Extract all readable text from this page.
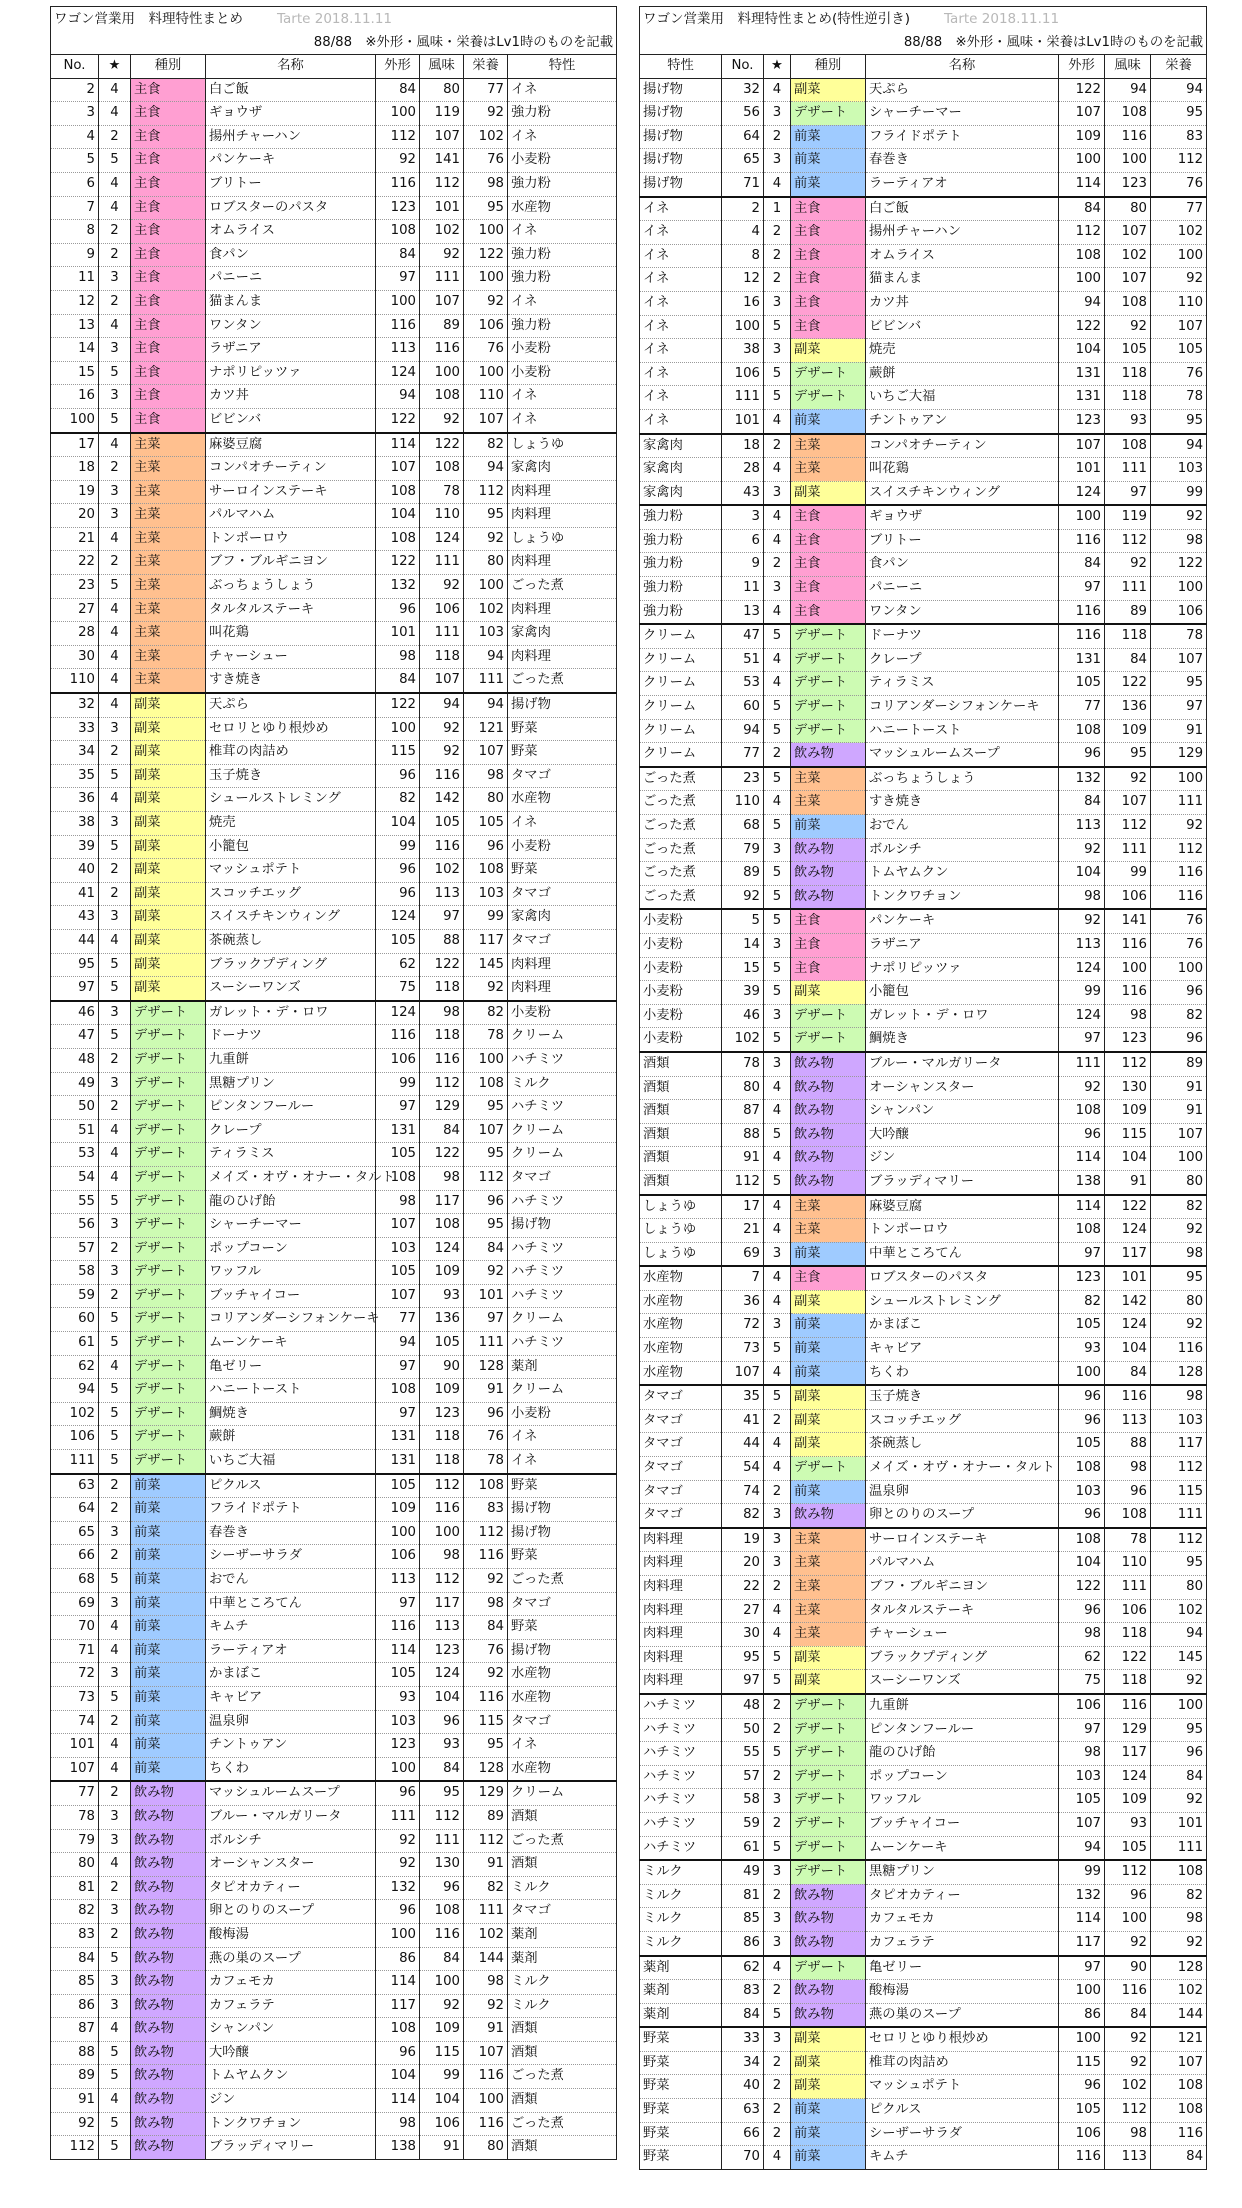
ワゴン営業用　料理特性まとめ Tarte 2018.11.11							
88/88　※外形・風味・栄養はLv1時のものを記載							
No.	★	種別	名称	外形	風味	栄養	特性
2	4	主食	白ご飯	84	80	77	イネ
3	4	主食	ギョウザ	100	119	92	強力粉
4	2	主食	揚州チャーハン	112	107	102	イネ
5	5	主食	パンケーキ	92	141	76	小麦粉
6	4	主食	ブリトー	116	112	98	強力粉
7	4	主食	ロブスターのパスタ	123	101	95	水産物
8	2	主食	オムライス	108	102	100	イネ
9	2	主食	食パン	84	92	122	強力粉
11	3	主食	パニーニ	97	111	100	強力粉
12	2	主食	猫まんま	100	107	92	イネ
13	4	主食	ワンタン	116	89	106	強力粉
14	3	主食	ラザニア	113	116	76	小麦粉
15	5	主食	ナポリピッツァ	124	100	100	小麦粉
16	3	主食	カツ丼	94	108	110	イネ
100	5	主食	ビビンバ	122	92	107	イネ
17	4	主菜	麻婆豆腐	114	122	82	しょうゆ
18	2	主菜	コンパオチーティン	107	108	94	家禽肉
19	3	主菜	サーロインステーキ	108	78	112	肉料理
20	3	主菜	パルマハム	104	110	95	肉料理
21	4	主菜	トンポーロウ	108	124	92	しょうゆ
22	2	主菜	ブフ・ブルギニヨン	122	111	80	肉料理
23	5	主菜	ぶっちょうしょう	132	92	100	ごった煮
27	4	主菜	タルタルステーキ	96	106	102	肉料理
28	4	主菜	叫花鶏	101	111	103	家禽肉
30	4	主菜	チャーシュー	98	118	94	肉料理
110	4	主菜	すき焼き	84	107	111	ごった煮
32	4	副菜	天ぷら	122	94	94	揚げ物
33	3	副菜	セロリとゆり根炒め	100	92	121	野菜
34	2	副菜	椎茸の肉詰め	115	92	107	野菜
35	5	副菜	玉子焼き	96	116	98	タマゴ
36	4	副菜	シュールストレミング	82	142	80	水産物
38	3	副菜	焼売	104	105	105	イネ
39	5	副菜	小籠包	99	116	96	小麦粉
40	2	副菜	マッシュポテト	96	102	108	野菜
41	2	副菜	スコッチエッグ	96	113	103	タマゴ
43	3	副菜	スイスチキンウィング	124	97	99	家禽肉
44	4	副菜	茶碗蒸し	105	88	117	タマゴ
95	5	副菜	ブラックプディング	62	122	145	肉料理
97	5	副菜	スーシーワンズ	75	118	92	肉料理
46	3	デザート	ガレット・デ・ロワ	124	98	82	小麦粉
47	5	デザート	ドーナツ	116	118	78	クリーム
48	2	デザート	九重餅	106	116	100	ハチミツ
49	3	デザート	黒糖プリン	99	112	108	ミルク
50	2	デザート	ピンタンフールー	97	129	95	ハチミツ
51	4	デザート	クレープ	131	84	107	クリーム
53	4	デザート	ティラミス	105	122	95	クリーム
54	4	デザート	メイズ・オヴ・オナー・タルト	108	98	112	タマゴ
55	5	デザート	龍のひげ飴	98	117	96	ハチミツ
56	3	デザート	シャーチーマー	107	108	95	揚げ物
57	2	デザート	ポップコーン	103	124	84	ハチミツ
58	3	デザート	ワッフル	105	109	92	ハチミツ
59	2	デザート	ブッチャイコー	107	93	101	ハチミツ
60	5	デザート	コリアンダーシフォンケーキ	77	136	97	クリーム
61	5	デザート	ムーンケーキ	94	105	111	ハチミツ
62	4	デザート	亀ゼリー	97	90	128	薬剤
94	5	デザート	ハニートースト	108	109	91	クリーム
102	5	デザート	鯛焼き	97	123	96	小麦粉
106	5	デザート	蕨餅	131	118	76	イネ
111	5	デザート	いちご大福	131	118	78	イネ
63	2	前菜	ピクルス	105	112	108	野菜
64	2	前菜	フライドポテト	109	116	83	揚げ物
65	3	前菜	春巻き	100	100	112	揚げ物
66	2	前菜	シーザーサラダ	106	98	116	野菜
68	5	前菜	おでん	113	112	92	ごった煮
69	3	前菜	中華ところてん	97	117	98	タマゴ
70	4	前菜	キムチ	116	113	84	野菜
71	4	前菜	ラーティアオ	114	123	76	揚げ物
72	3	前菜	かまぼこ	105	124	92	水産物
73	5	前菜	キャビア	93	104	116	水産物
74	2	前菜	温泉卵	103	96	115	タマゴ
101	4	前菜	チントゥアン	123	93	95	イネ
107	4	前菜	ちくわ	100	84	128	水産物
77	2	飲み物	マッシュルームスープ	96	95	129	クリーム
78	3	飲み物	ブルー・マルガリータ	111	112	89	酒類
79	3	飲み物	ボルシチ	92	111	112	ごった煮
80	4	飲み物	オーシャンスター	92	130	91	酒類
81	2	飲み物	タピオカティー	132	96	82	ミルク
82	3	飲み物	卵とのりのスープ	96	108	111	タマゴ
83	2	飲み物	酸梅湯	100	116	102	薬剤
84	5	飲み物	燕の巣のスープ	86	84	144	薬剤
85	3	飲み物	カフェモカ	114	100	98	ミルク
86	3	飲み物	カフェラテ	117	92	92	ミルク
87	4	飲み物	シャンパン	108	109	91	酒類
88	5	飲み物	大吟醸	96	115	107	酒類
89	5	飲み物	トムヤムクン	104	99	116	ごった煮
91	4	飲み物	ジン	114	104	100	酒類
92	5	飲み物	トンクワチョン	98	106	116	ごった煮
112	5	飲み物	ブラッディマリー	138	91	80	酒類
ワゴン営業用　料理特性まとめ(特性逆引き) Tarte 2018.11.11							
88/88　※外形・風味・栄養はLv1時のものを記載							
特性	No.	★	種別	名称	外形	風味	栄養
揚げ物	32	4	副菜	天ぷら	122	94	94
揚げ物	56	3	デザート	シャーチーマー	107	108	95
揚げ物	64	2	前菜	フライドポテト	109	116	83
揚げ物	65	3	前菜	春巻き	100	100	112
揚げ物	71	4	前菜	ラーティアオ	114	123	76
イネ	2	1	主食	白ご飯	84	80	77
イネ	4	2	主食	揚州チャーハン	112	107	102
イネ	8	2	主食	オムライス	108	102	100
イネ	12	2	主食	猫まんま	100	107	92
イネ	16	3	主食	カツ丼	94	108	110
イネ	100	5	主食	ビビンバ	122	92	107
イネ	38	3	副菜	焼売	104	105	105
イネ	106	5	デザート	蕨餅	131	118	76
イネ	111	5	デザート	いちご大福	131	118	78
イネ	101	4	前菜	チントゥアン	123	93	95
家禽肉	18	2	主菜	コンパオチーティン	107	108	94
家禽肉	28	4	主菜	叫花鶏	101	111	103
家禽肉	43	3	副菜	スイスチキンウィング	124	97	99
強力粉	3	4	主食	ギョウザ	100	119	92
強力粉	6	4	主食	ブリトー	116	112	98
強力粉	9	2	主食	食パン	84	92	122
強力粉	11	3	主食	パニーニ	97	111	100
強力粉	13	4	主食	ワンタン	116	89	106
クリーム	47	5	デザート	ドーナツ	116	118	78
クリーム	51	4	デザート	クレープ	131	84	107
クリーム	53	4	デザート	ティラミス	105	122	95
クリーム	60	5	デザート	コリアンダーシフォンケーキ	77	136	97
クリーム	94	5	デザート	ハニートースト	108	109	91
クリーム	77	2	飲み物	マッシュルームスープ	96	95	129
ごった煮	23	5	主菜	ぶっちょうしょう	132	92	100
ごった煮	110	4	主菜	すき焼き	84	107	111
ごった煮	68	5	前菜	おでん	113	112	92
ごった煮	79	3	飲み物	ボルシチ	92	111	112
ごった煮	89	5	飲み物	トムヤムクン	104	99	116
ごった煮	92	5	飲み物	トンクワチョン	98	106	116
小麦粉	5	5	主食	パンケーキ	92	141	76
小麦粉	14	3	主食	ラザニア	113	116	76
小麦粉	15	5	主食	ナポリピッツァ	124	100	100
小麦粉	39	5	副菜	小籠包	99	116	96
小麦粉	46	3	デザート	ガレット・デ・ロワ	124	98	82
小麦粉	102	5	デザート	鯛焼き	97	123	96
酒類	78	3	飲み物	ブルー・マルガリータ	111	112	89
酒類	80	4	飲み物	オーシャンスター	92	130	91
酒類	87	4	飲み物	シャンパン	108	109	91
酒類	88	5	飲み物	大吟醸	96	115	107
酒類	91	4	飲み物	ジン	114	104	100
酒類	112	5	飲み物	ブラッディマリー	138	91	80
しょうゆ	17	4	主菜	麻婆豆腐	114	122	82
しょうゆ	21	4	主菜	トンポーロウ	108	124	92
しょうゆ	69	3	前菜	中華ところてん	97	117	98
水産物	7	4	主食	ロブスターのパスタ	123	101	95
水産物	36	4	副菜	シュールストレミング	82	142	80
水産物	72	3	前菜	かまぼこ	105	124	92
水産物	73	5	前菜	キャビア	93	104	116
水産物	107	4	前菜	ちくわ	100	84	128
タマゴ	35	5	副菜	玉子焼き	96	116	98
タマゴ	41	2	副菜	スコッチエッグ	96	113	103
タマゴ	44	4	副菜	茶碗蒸し	105	88	117
タマゴ	54	4	デザート	メイズ・オヴ・オナー・タルト	108	98	112
タマゴ	74	2	前菜	温泉卵	103	96	115
タマゴ	82	3	飲み物	卵とのりのスープ	96	108	111
肉料理	19	3	主菜	サーロインステーキ	108	78	112
肉料理	20	3	主菜	パルマハム	104	110	95
肉料理	22	2	主菜	ブフ・ブルギニヨン	122	111	80
肉料理	27	4	主菜	タルタルステーキ	96	106	102
肉料理	30	4	主菜	チャーシュー	98	118	94
肉料理	95	5	副菜	ブラックプディング	62	122	145
肉料理	97	5	副菜	スーシーワンズ	75	118	92
ハチミツ	48	2	デザート	九重餅	106	116	100
ハチミツ	50	2	デザート	ピンタンフールー	97	129	95
ハチミツ	55	5	デザート	龍のひげ飴	98	117	96
ハチミツ	57	2	デザート	ポップコーン	103	124	84
ハチミツ	58	3	デザート	ワッフル	105	109	92
ハチミツ	59	2	デザート	ブッチャイコー	107	93	101
ハチミツ	61	5	デザート	ムーンケーキ	94	105	111
ミルク	49	3	デザート	黒糖プリン	99	112	108
ミルク	81	2	飲み物	タピオカティー	132	96	82
ミルク	85	3	飲み物	カフェモカ	114	100	98
ミルク	86	3	飲み物	カフェラテ	117	92	92
薬剤	62	4	デザート	亀ゼリー	97	90	128
薬剤	83	2	飲み物	酸梅湯	100	116	102
薬剤	84	5	飲み物	燕の巣のスープ	86	84	144
野菜	33	3	副菜	セロリとゆり根炒め	100	92	121
野菜	34	2	副菜	椎茸の肉詰め	115	92	107
野菜	40	2	副菜	マッシュポテト	96	102	108
野菜	63	2	前菜	ピクルス	105	112	108
野菜	66	2	前菜	シーザーサラダ	106	98	116
野菜	70	4	前菜	キムチ	116	113	84
